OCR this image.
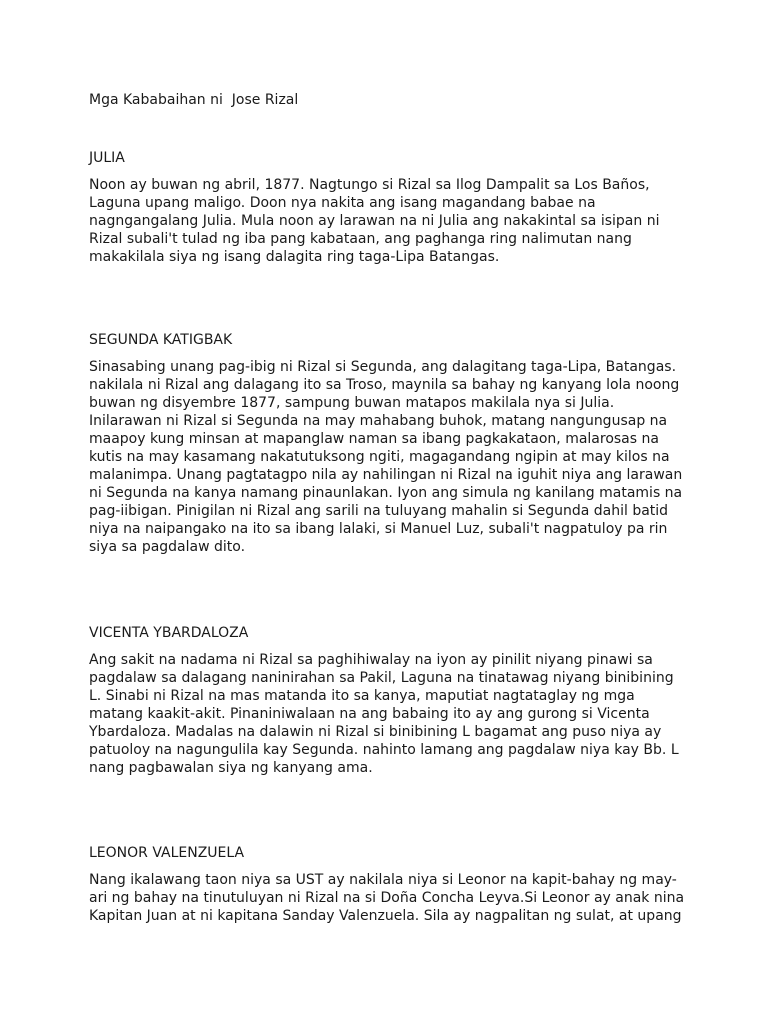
Mga Kababaihan ni  Jose Rizal
JULIA
Noon ay buwan ng abril, 1877. Nagtungo si Rizal sa Ilog Dampalit sa Los Baños,
Laguna upang maligo. Doon nya nakita ang isang magandang babae na
nagngangalang Julia. Mula noon ay larawan na ni Julia ang nakakintal sa isipan ni
Rizal subali't tulad ng iba pang kabataan, ang paghanga ring nalimutan nang
makakilala siya ng isang dalagita ring taga-Lipa Batangas.
SEGUNDA KATIGBAK
Sinasabing unang pag-ibig ni Rizal si Segunda, ang dalagitang taga-Lipa, Batangas.
nakilala ni Rizal ang dalagang ito sa Troso, maynila sa bahay ng kanyang lola noong
buwan ng disyembre 1877, sampung buwan matapos makilala nya si Julia.
Inilarawan ni Rizal si Segunda na may mahabang buhok, matang nangungusap na
maapoy kung minsan at mapanglaw naman sa ibang pagkakataon, malarosas na
kutis na may kasamang nakatutuksong ngiti, magagandang ngipin at may kilos na
malanimpa. Unang pagtatagpo nila ay nahilingan ni Rizal na iguhit niya ang larawan
ni Segunda na kanya namang pinaunlakan. Iyon ang simula ng kanilang matamis na
pag-iibigan. Pinigilan ni Rizal ang sarili na tuluyang mahalin si Segunda dahil batid
niya na naipangako na ito sa ibang lalaki, si Manuel Luz, subali't nagpatuloy pa rin
siya sa pagdalaw dito.
VICENTA YBARDALOZA
Ang sakit na nadama ni Rizal sa paghihiwalay na iyon ay pinilit niyang pinawi sa
pagdalaw sa dalagang naninirahan sa Pakil, Laguna na tinatawag niyang binibining
L. Sinabi ni Rizal na mas matanda ito sa kanya, maputiat nagtataglay ng mga
matang kaakit-akit. Pinaniniwalaan na ang babaing ito ay ang gurong si Vicenta
Ybardaloza. Madalas na dalawin ni Rizal si binibining L bagamat ang puso niya ay
patuoloy na nagungulila kay Segunda. nahinto lamang ang pagdalaw niya kay Bb. L
nang pagbawalan siya ng kanyang ama.
LEONOR VALENZUELA
Nang ikalawang taon niya sa UST ay nakilala niya si Leonor na kapit-bahay ng may-
ari ng bahay na tinutuluyan ni Rizal na si Doña Concha Leyva.Si Leonor ay anak nina
Kapitan Juan at ni kapitana Sanday Valenzuela. Sila ay nagpalitan ng sulat, at upang
